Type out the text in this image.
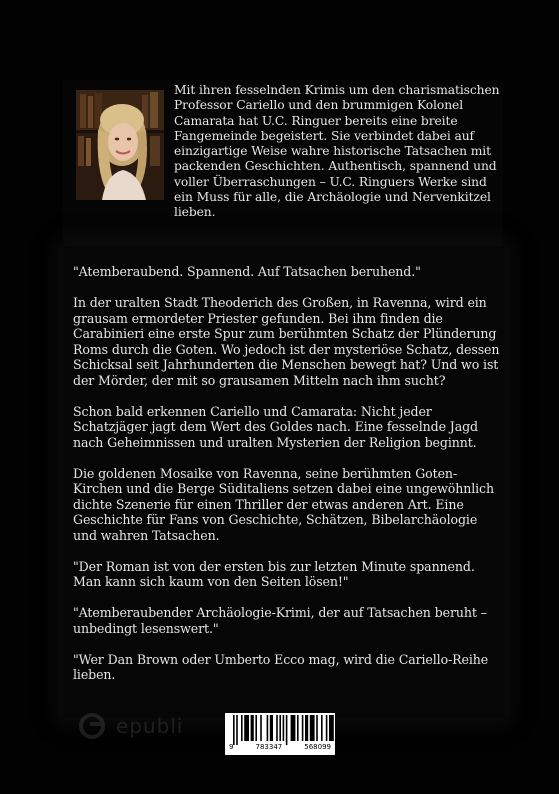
Mit ihren fesselnden Krimis um den charismatischen Professor Cariello und den brummigen Kolonel Camarata hat U.C. Ringuer bereits eine breite Fangemeinde begeistert. Sie verbindet dabei auf einzigartige Weise wahre historische Tatsachen mit packenden Geschichten. Authentisch, spannend und voller Überraschungen – U.C. Ringuers Werke sind ein Muss für alle, die Archäologie und Nervenkitzel lieben.

"Atemberaubend. Spannend. Auf Tatsachen beruhend."

In der uralten Stadt Theoderich des Großen, in Ravenna, wird ein grausam ermordeter Priester gefunden. Bei ihm finden die Carabinieri eine erste Spur zum berühmten Schatz der Plünderung Roms durch die Goten. Wo jedoch ist der mysteriöse Schatz, dessen Schicksal seit Jahrhunderten die Menschen bewegt hat? Und wo ist der Mörder, der mit so grausamen Mitteln nach ihm sucht?

Schon bald erkennen Cariello und Camarata: Nicht jeder Schatzjäger jagt dem Wert des Goldes nach. Eine fesselnde Jagd nach Geheimnissen und uralten Mysterien der Religion beginnt.

Die goldenen Mosaike von Ravenna, seine berühmten Goten-Kirchen und die Berge Süditaliens setzen dabei eine ungewöhnlich dichte Szenerie für einen Thriller der etwas anderen Art. Eine Geschichte für Fans von Geschichte, Schätzen, Bibelarchäologie und wahren Tatsachen.

"Der Roman ist von der ersten bis zur letzten Minute spannend. Man kann sich kaum von den Seiten lösen!"

"Atemberaubender Archäologie-Krimi, der auf Tatsachen beruht – unbedingt lesenswert."

"Wer Dan Brown oder Umberto Ecco mag, wird die Cariello-Reihe lieben.

epubli
9	783347	568099
